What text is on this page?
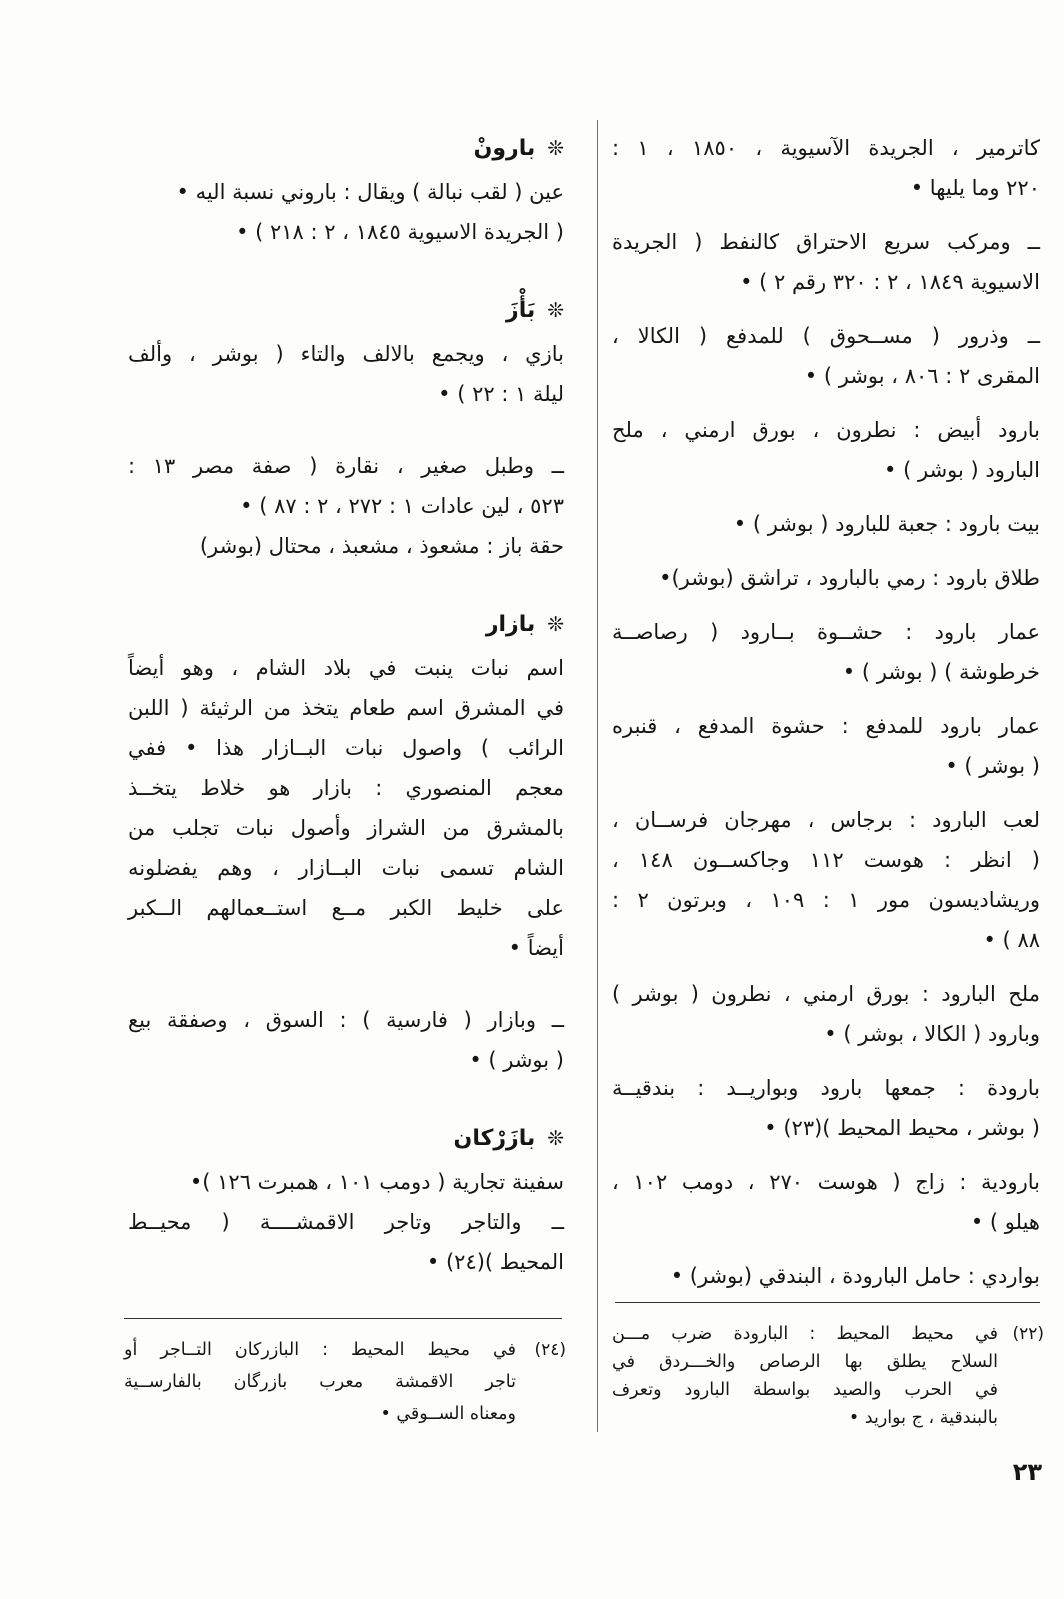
كاترمير ، الجريدة الآسيوية ، ١٨٥٠ ، ١ :
٢٢٠ وما يليها •
ــ ومركب سريع الاحتراق كالنفط ( الجريدة
الاسيوية ١٨٤٩ ، ٢ : ٣٢٠ رقم ٢ ) •
ــ وذرور ( مســحوق ) للمدفع ( الكالا ،
المقرى ٢ : ٨٠٦ ، بوشر ) •
بارود أبيض : نطرون ، بورق ارمني ، ملح
البارود ( بوشر ) •
بيت بارود : جعبة للبارود ( بوشر ) •
طلاق بارود : رمي بالبارود ، تراشق (بوشر)•
عمار بارود : حشــوة بــارود ( رصاصــة
خرطوشة ) ( بوشر ) •
عمار بارود للمدفع : حشوة المدفع ، قنبره
( بوشر ) •
لعب البارود : برجاس ، مهرجان فرســان ،
( انظر : هوست ١١٢ وجاكســون ١٤٨ ،
وريشاديسون مور ١ : ١٠٩ ، وبرتون ٢ :
٨٨ ) •
ملح البارود : بورق ارمني ، نطرون ( بوشر )
وبارود ( الكالا ، بوشر ) •
بارودة : جمعها بارود وبواريــد : بندقيــة
( بوشر ، محيط المحيط )(٢٣) •
بارودية : زاج ( هوست ٢٧٠ ، دومب ١٠٢ ،
هيلو ) •
بواردي : حامل البارودة ، البندقي (بوشر) •
❊بارونْ
عين ( لقب نبالة ) ويقال : باروني نسبة اليه •
( الجريدة الاسيوية ١٨٤٥ ، ٢ : ٢١٨ ) •
❊بَأْزَ
بازي ، ويجمع بالالف والتاء ( بوشر ، وألف
ليلة ١ : ٢٢ ) •
ــ وطبل صغير ، نقارة ( صفة مصر ١٣ :
٥٢٣ ، لين عادات ١ : ٢٧٢ ، ٢ : ٨٧ ) •
حقة باز : مشعوذ ، مشعبذ ، محتال (بوشر)
❊بازار
اسم نبات ينبت في بلاد الشام ، وهو أيضاً
في المشرق اسم طعام يتخذ من الرثيئة ( اللبن
الرائب ) واصول نبات البــازار هذا • ففي
معجم المنصوري : بازار هو خلاط يتخــذ
بالمشرق من الشراز وأصول نبات تجلب من
الشام تسمى نبات البــازار ، وهم يفضلونه
على خليط الكبر مــع استــعمالهم الــكبر
أيضاً •
ــ وبازار ( فارسية ) : السوق ، وصفقة بيع
( بوشر ) •
❊بازَرْكان
سفينة تجارية ( دومب ١٠١ ، همبرت ١٢٦ )•
ــ والتاجر وتاجر الاقمشــــة ( محيــط
المحيط )(٢٤) •
(٢٢)
في محيط المحيط : البارودة ضرب مـــن
السلاح يطلق بها الرصاص والخـــردق في
في الحرب والصيد بواسطة البارود وتعرف
بالبندقية ، ج بواريد •
(٢٤)
في محيط المحيط : البازركان التــاجر أو
تاجر الاقمشة معرب بازرگان بالفارســية
ومعناه الســوقي •
٢٣
